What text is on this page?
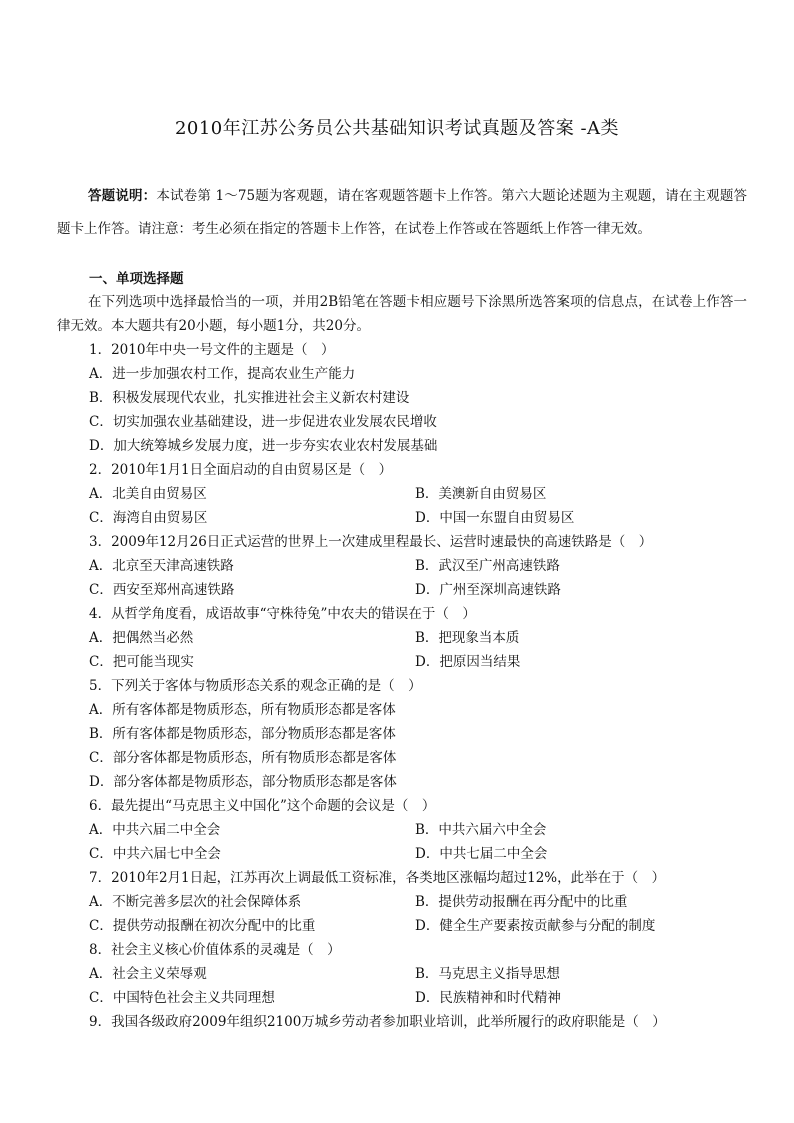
2010年江苏公务员公共基础知识考试真题及答案 -A类
答题说明：本试卷第 1～75题为客观题，请在客观题答题卡上作答。第六大题论述题为主观题，请在主观题答题卡上作答。请注意：考生必须在指定的答题卡上作答，在试卷上作答或在答题纸上作答一律无效。
一、单项选择题
在下列选项中选择最恰当的一项，并用2B铅笔在答题卡相应题号下涂黑所选答案项的信息点，在试卷上作答一律无效。本大题共有20小题，每小题1分，共20分。
1．2010年中央一号文件的主题是（　）
A．进一步加强农村工作，提高农业生产能力
B．积极发展现代农业，扎实推进社会主义新农村建设
C．切实加强农业基础建设，进一步促进农业发展农民增收
D．加大统筹城乡发展力度，进一步夯实农业农村发展基础
2．2010年1月1日全面启动的自由贸易区是（　）
A．北美自由贸易区	B．美澳新自由贸易区
C．海湾自由贸易区	D．中国一东盟自由贸易区
3．2009年12月26日正式运营的世界上一次建成里程最长、运营时速最快的高速铁路是（　）
A．北京至天津高速铁路	B．武汉至广州高速铁路
C．西安至郑州高速铁路	D．广州至深圳高速铁路
4．从哲学角度看，成语故事“守株待兔”中农夫的错误在于（　）
A．把偶然当必然	B．把现象当本质
C．把可能当现实	D．把原因当结果
5．下列关于客体与物质形态关系的观念正确的是（　）
A．所有客体都是物质形态，所有物质形态都是客体
B．所有客体都是物质形态，部分物质形态都是客体
C．部分客体都是物质形态，所有物质形态都是客体
D．部分客体都是物质形态，部分物质形态都是客体
6．最先提出“马克思主义中国化”这个命题的会议是（　）
A．中共六届二中全会	B．中共六届六中全会
C．中共六届七中全会	D．中共七届二中全会
7．2010年2月1日起，江苏再次上调最低工资标准，各类地区涨幅均超过12%，此举在于（　）
A．不断完善多层次的社会保障体系	B．提供劳动报酬在再分配中的比重
C．提供劳动报酬在初次分配中的比重	D．健全生产要素按贡献参与分配的制度
8．社会主义核心价值体系的灵魂是（　）
A．社会主义荣辱观	B．马克思主义指导思想
C．中国特色社会主义共同理想	D．民族精神和时代精神
9．我国各级政府2009年组织2100万城乡劳动者参加职业培训，此举所履行的政府职能是（　）
